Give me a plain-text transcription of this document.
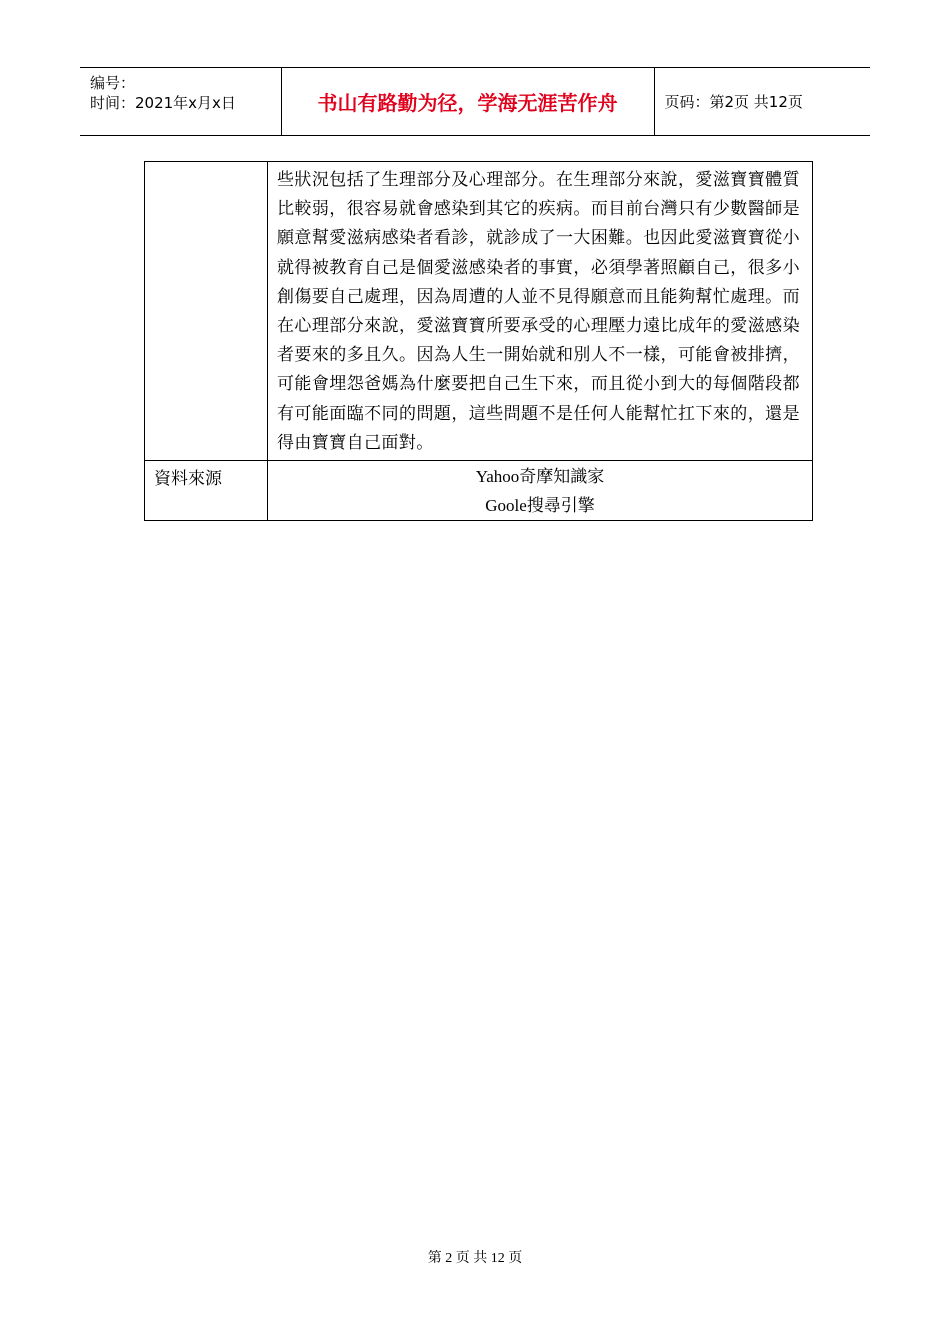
编号：
时间：2021年x月x日	书山有路勤为径，学海无涯苦作舟	页码：第2页 共12页
	些狀況包括了生理部分及心理部分。在生理部分來說，愛滋寶寶體質比較弱，很容易就會感染到其它的疾病。而目前台灣只有少數醫師是願意幫愛滋病感染者看診，就診成了一大困難。也因此愛滋寶寶從小就得被教育自己是個愛滋感染者的事實，必須學著照顧自己，很多小創傷要自己處理，因為周遭的人並不見得願意而且能夠幫忙處理。而在心理部分來說，愛滋寶寶所要承受的心理壓力遠比成年的愛滋感染者要來的多且久。因為人生一開始就和別人不一樣，可能會被排擠，可能會埋怨爸媽為什麼要把自己生下來，而且從小到大的每個階段都有可能面臨不同的問題，這些問題不是任何人能幫忙扛下來的，還是得由寶寶自己面對。
資料來源	Yahoo奇摩知識家
Goole搜尋引擎
第 2 页 共 12 页
